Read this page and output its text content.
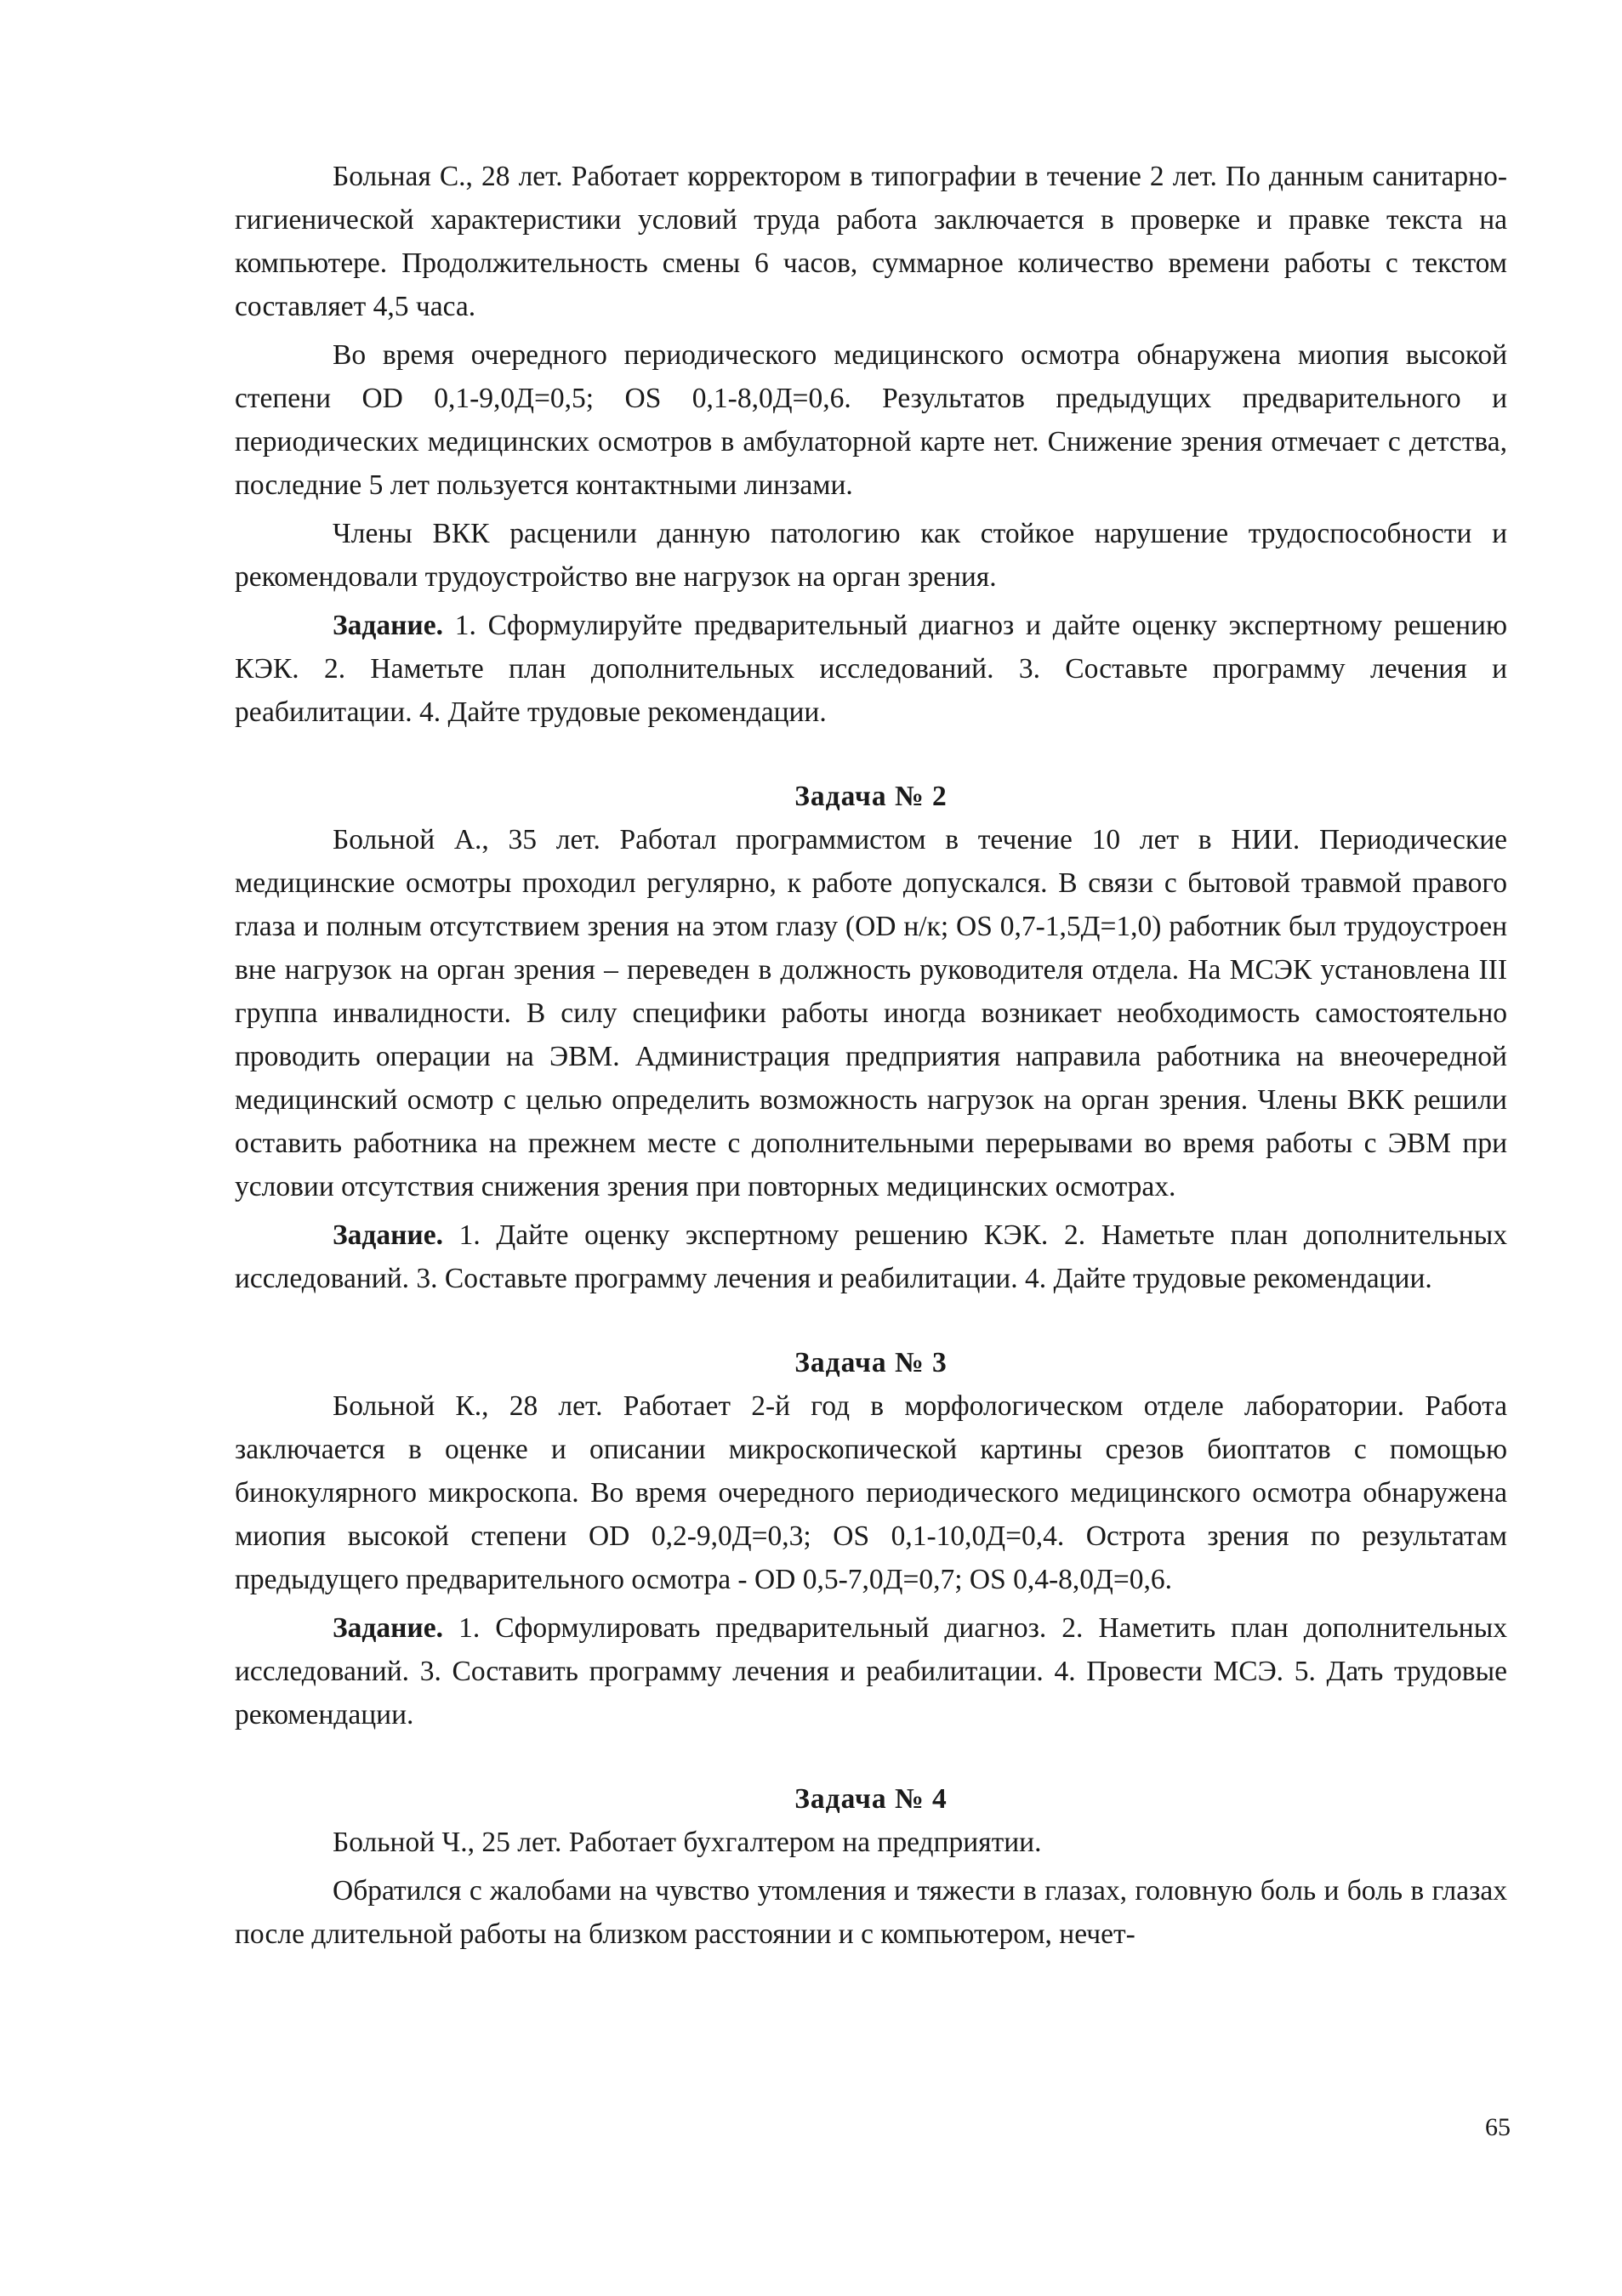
Больная С., 28 лет. Работает корректором в типографии в течение 2 лет. По данным санитарно-гигиенической характеристики условий труда работа заключается в проверке и правке текста на компьютере. Продолжительность смены 6 часов, суммарное количество времени работы с текстом составляет 4,5 часа.

Во время очередного периодического медицинского осмотра обнаружена миопия высокой степени OD 0,1-9,0Д=0,5; OS 0,1-8,0Д=0,6. Результатов предыдущих предварительного и периодических медицинских осмотров в амбулаторной карте нет. Снижение зрения отмечает с детства, последние 5 лет пользуется контактными линзами.

Члены ВКК расценили данную патологию как стойкое нарушение трудоспособности и рекомендовали трудоустройство вне нагрузок на орган зрения.

Задание. 1. Сформулируйте предварительный диагноз и дайте оценку экспертному решению КЭК. 2. Наметьте план дополнительных исследований. 3. Составьте программу лечения и реабилитации. 4. Дайте трудовые рекомендации.

Задача № 2

Больной А., 35 лет. Работал программистом в течение 10 лет в НИИ. Периодические медицинские осмотры проходил регулярно, к работе допускался. В связи с бытовой травмой правого глаза и полным отсутствием зрения на этом глазу (OD н/к; OS 0,7-1,5Д=1,0) работник был трудоустроен вне нагрузок на орган зрения – переведен в должность руководителя отдела. На МСЭК установлена III группа инвалидности. В силу специфики работы иногда возникает необходимость самостоятельно проводить операции на ЭВМ. Администрация предприятия направила работника на внеочередной медицинский осмотр с целью определить возможность нагрузок на орган зрения. Члены ВКК решили оставить работника на прежнем месте с дополнительными перерывами во время работы с ЭВМ при условии отсутствия снижения зрения при повторных медицинских осмотрах.

Задание. 1. Дайте оценку экспертному решению КЭК. 2. Наметьте план дополнительных исследований. 3. Составьте программу лечения и реабилитации. 4. Дайте трудовые рекомендации.

Задача № 3

Больной К., 28 лет. Работает 2-й год в морфологическом отделе лаборатории. Работа заключается в оценке и описании микроскопической картины срезов биоптатов с помощью бинокулярного микроскопа. Во время очередного периодического медицинского осмотра обнаружена миопия высокой степени OD 0,2-9,0Д=0,3; OS 0,1-10,0Д=0,4. Острота зрения по результатам предыдущего предварительного осмотра - OD 0,5-7,0Д=0,7; OS 0,4-8,0Д=0,6.

Задание. 1. Сформулировать предварительный диагноз. 2. Наметить план дополнительных исследований. 3. Составить программу лечения и реабилитации. 4. Провести МСЭ. 5. Дать трудовые рекомендации.

Задача № 4

Больной Ч., 25 лет. Работает бухгалтером на предприятии.

Обратился с жалобами на чувство утомления и тяжести в глазах, головную боль и боль в глазах после длительной работы на близком расстоянии и с компьютером, нечет-

65
